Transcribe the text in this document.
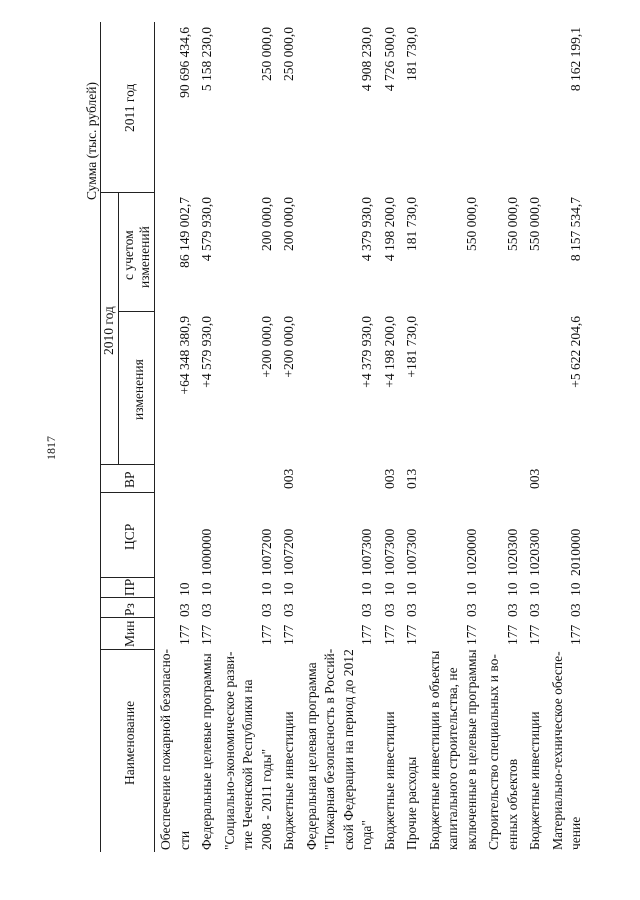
1817
Сумма (тыс. рублей)
Наименование
Мин
Рз
ПР
ЦСР
ВР
2010 год
изменения
с учетом изменений
2011 год
Обеспечение пожарной безопасно- сти
177
03
10
+64 348 380,9
86 149 002,7
90 696 434,6
Федеральные целевые программы
177
03
10
1000000
+4 579 930,0
4 579 930,0
5 158 230,0
"Социально-экономическое разви- тие Чеченской Республики на 2008 - 2011 годы"
177
03
10
1007200
+200 000,0
200 000,0
250 000,0
Бюджетные инвестиции
177
03
10
1007200
003
+200 000,0
200 000,0
250 000,0
Федеральная целевая программа "Пожарная безопасность в Россий- ской Федерации на период до 2012 года"
177
03
10
1007300
+4 379 930,0
4 379 930,0
4 908 230,0
Бюджетные инвестиции
177
03
10
1007300
003
+4 198 200,0
4 198 200,0
4 726 500,0
Прочие расходы
177
03
10
1007300
013
+181 730,0
181 730,0
181 730,0
Бюджетные инвестиции в объекты капитального строительства, не включенные в целевые программы
177
03
10
1020000
550 000,0
Строительство специальных и во- енных объектов
177
03
10
1020300
550 000,0
Бюджетные инвестиции
177
03
10
1020300
003
550 000,0
Материально-техническое обеспе- чение
177
03
10
2010000
+5 622 204,6
8 157 534,7
8 162 199,1
